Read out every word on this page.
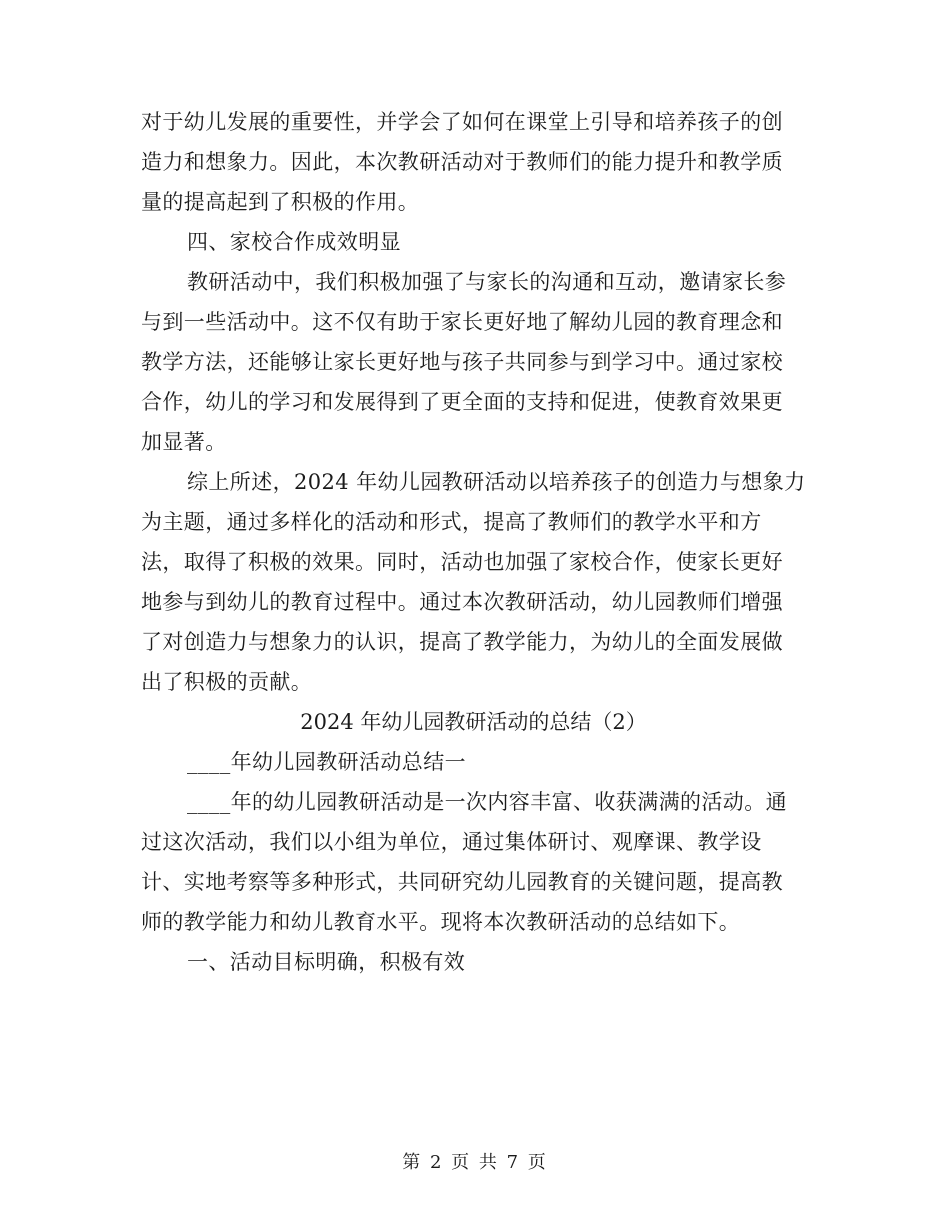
对于幼儿发展的重要性，并学会了如何在课堂上引导和培养孩子的创
造力和想象力。因此，本次教研活动对于教师们的能力提升和教学质
量的提高起到了积极的作用。
四、家校合作成效明显
教研活动中，我们积极加强了与家长的沟通和互动，邀请家长参
与到一些活动中。这不仅有助于家长更好地了解幼儿园的教育理念和
教学方法，还能够让家长更好地与孩子共同参与到学习中。通过家校
合作，幼儿的学习和发展得到了更全面的支持和促进，使教育效果更
加显著。
综上所述，2024 年幼儿园教研活动以培养孩子的创造力与想象力
为主题，通过多样化的活动和形式，提高了教师们的教学水平和方
法，取得了积极的效果。同时，活动也加强了家校合作，使家长更好
地参与到幼儿的教育过程中。通过本次教研活动，幼儿园教师们增强
了对创造力与想象力的认识，提高了教学能力，为幼儿的全面发展做
出了积极的贡献。
2024 年幼儿园教研活动的总结（2）
____年幼儿园教研活动总结一
____年的幼儿园教研活动是一次内容丰富、收获满满的活动。通
过这次活动，我们以小组为单位，通过集体研讨、观摩课、教学设
计、实地考察等多种形式，共同研究幼儿园教育的关键问题，提高教
师的教学能力和幼儿教育水平。现将本次教研活动的总结如下。
一、活动目标明确，积极有效
第 2 页 共 7 页
